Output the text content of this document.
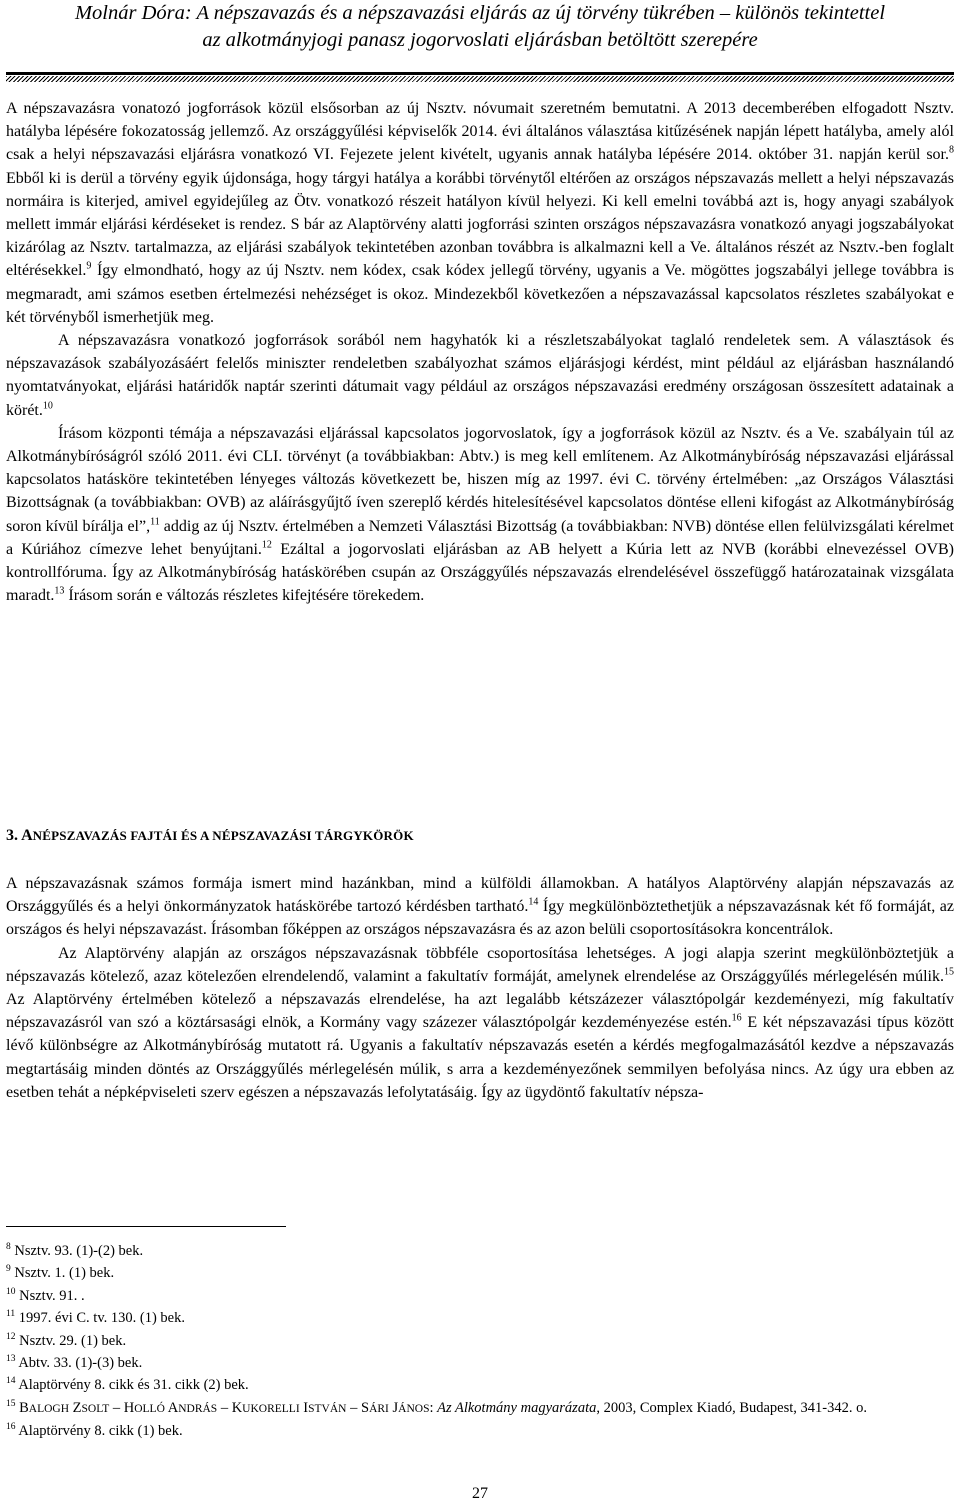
Molnár Dóra: A népszavazás és a népszavazási eljárás az új törvény tükrében – különös tekintettel
az alkotmányjogi panasz jogorvoslati eljárásban betöltött szerepére

A népszavazásra vonatozó jogforrások közül elsősorban az új Nsztv. nóvumait szeretném bemutatni. A 2013 decemberében elfogadott Nsztv. hatályba lépésére fokozatosság jellemző. Az országgyűlési képviselők 2014. évi általános választása kitűzésének napján lépett hatályba, amely alól csak a helyi népszavazási eljárásra vonatkozó VI. Fejezete jelent kivételt, ugyanis annak hatályba lépésére 2014. október 31. napján kerül sor.$^8$ Ebből ki is derül a törvény egyik újdonsága, hogy tárgyi hatálya a korábbi törvénytől eltérően az országos népszavazás mellett a helyi népszavazás normáira is kiterjed, amivel egyidejűleg az Ötv. vonatkozó részeit hatályon kívül helyezi. Ki kell emelni továbbá azt is, hogy anyagi szabályok mellett immár eljárási kérdéseket is rendez. S bár az Alaptörvény alatti jogforrási szinten országos népszavazásra vonatkozó anyagi jogszabályokat kizárólag az Nsztv. tartalmazza, az eljárási szabályok tekintetében azonban továbbra is alkalmazni kell a Ve. általános részét az Nsztv.-ben foglalt eltérésekkel.$^9$ Így elmondható, hogy az új Nsztv. nem kódex, csak kódex jellegű törvény, ugyanis a Ve. mögöttes jogszabályi jellege továbbra is megmaradt, ami számos esetben értelmezési nehézséget is okoz. Mindezekből következően a népszavazással kapcsolatos részletes szabályokat e két törvényből ismerhetjük meg.

A népszavazásra vonatkozó jogforrások sorából nem hagyhatók ki a részletszabályokat taglaló rendeletek sem. A választások és népszavazások szabályozásáért felelős miniszter rendeletben szabályozhat számos eljárásjogi kérdést, mint például az eljárásban használandó nyomtatványokat, eljárási határidők naptár szerinti dátumait vagy például az országos népszavazási eredmény országosan összesített adatainak a körét.$^{10}$

Írásom központi témája a népszavazási eljárással kapcsolatos jogorvoslatok, így a jogforrások közül az Nsztv. és a Ve. szabályain túl az Alkotmánybíróságról szóló 2011. évi CLI. törvényt (a továbbiakban: Abtv.) is meg kell említenem. Az Alkotmánybíróság népszavazási eljárással kapcsolatos hatásköre tekintetében lényeges változás következett be, hiszen míg az 1997. évi C. törvény értelmében: „az Országos Választási Bizottságnak (a továbbiakban: OVB) az aláírásgyűjtő íven szereplő kérdés hitelesítésével kapcsolatos döntése elleni kifogást az Alkotmánybíróság soron kívül bírálja el”,$^{11}$ addig az új Nsztv. értelmében a Nemzeti Választási Bizottság (a továbbiakban: NVB) döntése ellen felülvizsgálati kérelmet a Kúriához címezve lehet benyújtani.$^{12}$ Ezáltal a jogorvoslati eljárásban az AB helyett a Kúria lett az NVB (korábbi elnevezéssel OVB) kontrollfóruma. Így az Alkotmánybíróság hatáskörében csupán az Országgyűlés népszavazás elrendelésével összefüggő határozatainak vizsgálata maradt.$^{13}$ Írásom során e változás részletes kifejtésére törekedem.

3. ANÉPSZAVAZÁS FAJTÁI ÉS A NÉPSZAVAZÁSI TÁRGYKÖRÖK

A népszavazásnak számos formája ismert mind hazánkban, mind a külföldi államokban. A hatályos Alaptörvény alapján népszavazás az Országgyűlés és a helyi önkormányzatok hatáskörébe tartozó kérdésben tartható.$^{14}$ Így megkülönböztethetjük a népszavazásnak két fő formáját, az országos és helyi népszavazást. Írásomban főképpen az országos népszavazásra és az azon belüli csoportosításokra koncentrálok.

Az Alaptörvény alapján az országos népszavazásnak többféle csoportosítása lehetséges. A jogi alapja szerint megkülönböztetjük a népszavazás kötelező, azaz kötelezően elrendelendő, valamint a fakultatív formáját, amelynek elrendelése az Országgyűlés mérlegelésén múlik.$^{15}$ Az Alaptörvény értelmében kötelező a népszavazás elrendelése, ha azt legalább kétszázezer választópolgár kezdeményezi, míg fakultatív népszavazásról van szó a köztársasági elnök, a Kormány vagy százezer választópolgár kezdeményezése estén.$^{16}$ E két népszavazási típus között lévő különbségre az Alkotmánybíróság mutatott rá. Ugyanis a fakultatív népszavazás esetén a kérdés megfogalmazásától kezdve a népszavazás megtartásáig minden döntés az Országgyűlés mérlegelésén múlik, s arra a kezdeményezőnek semmilyen befolyása nincs. Az úgy ura ebben az esetben tehát a népképviseleti szerv egészen a népszavazás lefolytatásáig. Így az ügydöntő fakultatív népsza-

$^8$ Nsztv. 93. (1)-(2) bek.
$^9$ Nsztv. 1. (1) bek.
$^{10}$ Nsztv. 91. .
$^{11}$ 1997. évi C. tv. 130. (1) bek.
$^{12}$ Nsztv. 29. (1) bek.
$^{13}$ Abtv. 33. (1)-(3) bek.
$^{14}$ Alaptörvény 8. cikk és 31. cikk (2) bek.
$^{15}$ BALOGH ZSOLT – HOLLÓ ANDRÁS – KUKORELLI ISTVÁN – SÁRI JÁNOS: Az Alkotmány magyarázata, 2003, Complex Kiadó, Budapest, 341-342. o.
$^{16}$ Alaptörvény 8. cikk (1) bek.
27
